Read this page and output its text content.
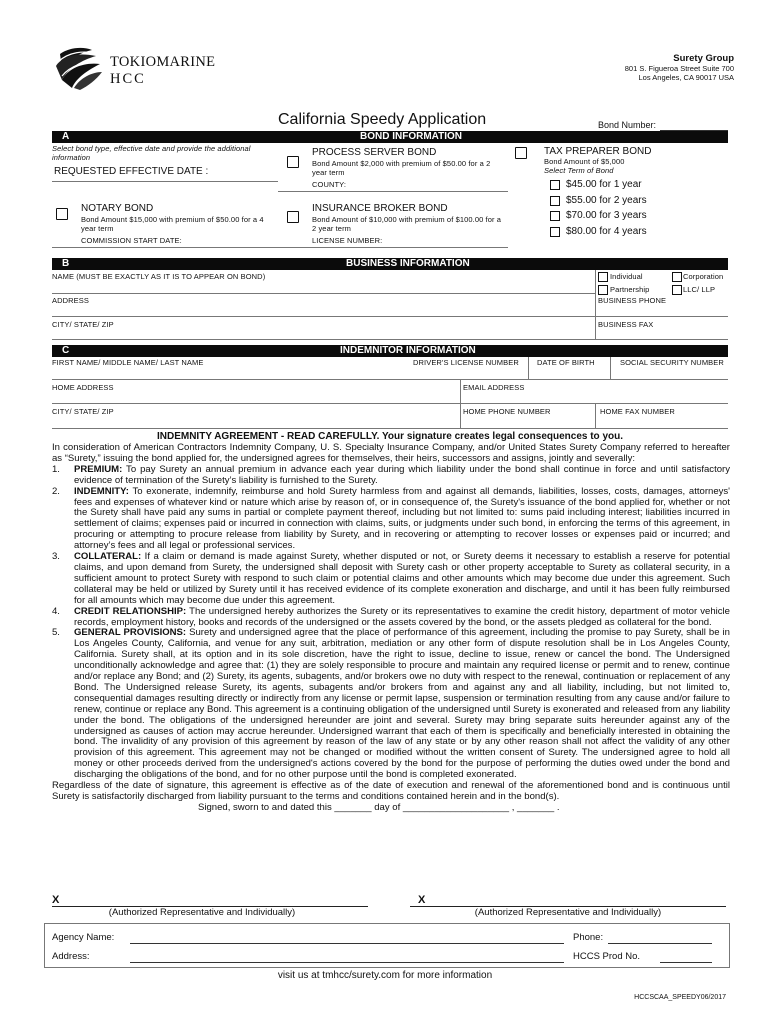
TOKIOMARINE
HCC
Surety Group
801 S. Figueroa Street Suite 700
Los Angeles, CA 90017 USA
California Speedy Application	Bond Number:
A	BOND INFORMATION
Select bond type, effective date and provide the additional information
REQUESTED EFFECTIVE DATE :
PROCESS SERVER BOND
Bond Amount $2,000 with premium of $50.00 for a 2 year term
COUNTY:
TAX PREPARER BOND
Bond Amount of $5,000
Select Term of Bond
$45.00 for 1 year
$55.00 for 2 years
$70.00 for 3 years
$80.00 for 4 years
NOTARY BOND
Bond Amount $15,000 with premium of $50.00 for a 4 year term
COMMISSION START DATE:
INSURANCE BROKER BOND
Bond Amount of $10,000 with premium of $100.00 for a 2 year term
LICENSE NUMBER:
B	BUSINESS INFORMATION
NAME (MUST BE EXACTLY AS IT IS TO APPEAR ON BOND)	Individual	Corporation
Partnership	LLC/ LLP
BUSINESS PHONE
ADDRESS
CITY/ STATE/ ZIP	BUSINESS FAX
C	INDEMNITOR INFORMATION
FIRST NAME/ MIDDLE NAME/ LAST NAME	DRIVER'S LICENSE NUMBER DATE OF BIRTH	SOCIAL SECURITY NUMBER
HOME ADDRESS	EMAIL ADDRESS
CITY/ STATE/ ZIP	HOME PHONE NUMBER	HOME FAX NUMBER
INDEMNITY AGREEMENT - READ CAREFULLY. Your signature creates legal consequences to you.
In consideration of American Contractors Indemnity Company, U. S. Specialty Insurance Company, and/or United States Surety Company referred to hereafter as “Surety,” issuing the bond applied for, the undersigned agrees for themselves, their heirs, successors and assigns, jointly and severally:
1.	PREMIUM: To pay Surety an annual premium in advance each year during which liability under the bond shall continue in force and until satisfactory evidence of termination of the Surety’s liability is furnished to the Surety.
2.	INDEMNITY: To exonerate, indemnify, reimburse and hold Surety harmless from and against all demands, liabilities, losses, costs, damages, attorneys' fees and expenses of whatever kind or nature which arise by reason of, or in consequence of, the Surety's issuance of the bond applied for, whether or not the Surety shall have paid any sums in partial or complete payment thereof, including but not limited to: sums paid including interest; liabilities incurred in settlement of claims; expenses paid or incurred in connection with claims, suits, or judgments under such bond, in enforcing the terms of this agreement, in procuring or attempting to procure release from liability by Surety, and in recovering or attempting to recover losses or expenses paid or incurred; and attorney’s fees and all legal or professional services.
3.	COLLATERAL: If a claim or demand is made against Surety, whether disputed or not, or Surety deems it necessary to establish a reserve for potential claims, and upon demand from Surety, the undersigned shall deposit with Surety cash or other property acceptable to Surety as collateral security, in a sufficient amount to protect Surety with respond to such claim or potential claims and other amounts which may become due under this agreement. Such collateral may be held or utilized by Surety until it has received evidence of its complete exoneration and discharge, and until it has been fully reimbursed for all amounts which may become due under this agreement.
4.	CREDIT RELATIONSHIP: The undersigned hereby authorizes the Surety or its representatives to examine the credit history, department of motor vehicle records, employment history, books and records of the undersigned or the assets covered by the bond, or the assets pledged as collateral for the bond.
5.	GENERAL PROVISIONS: Surety and undersigned agree that the place of performance of this agreement, including the promise to pay Surety, shall be in Los Angeles County, California, and venue for any suit, arbitration, mediation or any other form of dispute resolution shall be in Los Angeles County, California. Surety shall, at its option and in its sole discretion, have the right to issue, decline to issue, renew or cancel the bond. The Undersigned unconditionally acknowledge and agree that: (1) they are solely responsible to procure and maintain any required license or permit and to renew, continue and/or replace any Bond; and (2) Surety, its agents, subagents, and/or brokers owe no duty with respect to the renewal, continuation or replacement of any Bond. The Undersigned release Surety, its agents, subagents and/or brokers from and against any and all liability, including, but not limited to, consequential damages resulting directly or indirectly from any license or permit lapse, suspension or termination resulting from any cause and/or failure to renew, continue or replace any Bond. This agreement is a continuing obligation of the undersigned until Surety is exonerated and released from any liability under the bond. The obligations of the undersigned hereunder are joint and several. Surety may bring separate suits hereunder against any of the undersigned as causes of action may accrue hereunder. Undersigned warrant that each of them is specifically and beneficially interested in obtaining the bond. The invalidity of any provision of this agreement by reason of the law of any state or by any other reason shall not affect the validity of any other provision of this agreement. This agreement may not be changed or modified without the written consent of Surety. The undersigned agree to hold all money or other proceeds derived from the undersigned's actions covered by the bond for the purpose of performing the duties owed under the bond and discharging the obligations of the bond, and for no other purpose until the bond is completed exonerated.
Regardless of the date of signature, this agreement is effective as of the date of execution and renewal of the aforementioned bond and is continuous until Surety is satisfactorily discharged from liability pursuant to the terms and conditions contained herein and in the bond(s).
Signed, sworn to and dated this _______ day of ____________________ , _______ .
X
(Authorized Representative and Individually)
X
(Authorized Representative and Individually)
Agency Name:	Phone:
Address:	HCCS Prod No.
visit us at tmhcc/surety.com for more information
HCCSCAA_SPEEDY06/2017
